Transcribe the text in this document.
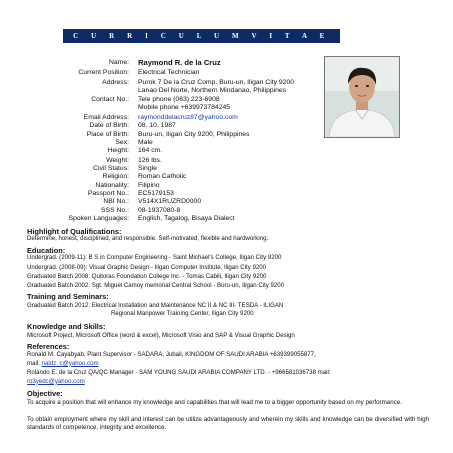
C U R R I C U L U M V I T A E
Name: Raymond R. de la Cruz
Current Position: Electrical Technician
Address: Purok 7 De la Cruz Comp. Buru-un, Iligan City 9200
Lanao Del Norte, Northern Mindanao, Philippines
Contact No.: Tele phone (063) 223-6908
Mobile phone +639973784245
Email Address: raymonddelacruz87@yahoo.com
Date of Birth: 08. 10. 1987
Place of Birth: Buru-un, Iligan City 9200, Philippines
Sex: Male
Height: 164 cm.
Weight: 126 lbs.
Civil Status: Single
Religion: Roman Catholic
Nationality: Filipino
Passport No.: EC5179153
NBI No.: V514X1RUZRD0000
SSS No.: 08-1937080-8
Spoken Languages: English, Tagalog, Bisaya Dialect
Highlight of Qualifications:
Determine, honest, disciplined, and responsible. Self-motivated, flexible and hardworking.
Education:
Undergrad. (2009-11): B S in Computer Engineering - Saint Michael's College, Iligan City 9200
Undergrad. (2008-09): Visual Graphic Design - Iligan Computer Institute, Iligan City 9200
Graduated Batch 2008: Quitoras Foundation College Inc. - Tomas Cabili, Iligan City 9200
Graduated Batch 2002: Sgt. Miguel Camoy memorial Central School - Buru-un, Iligan City 9200
Training and Seminars:
Graduated Batch 2012: Electrical Installation and Maintenance NC II & NC III- TESDA - ILIGAN
Regional Manpower Training Center, Iligan City 9200
Knowledge and Skills:
Microsoft Project, Microsoft Office (word & excel), Microsoft Visio and SAP & Visual Graphic Design
References:
Ronald M. Cayabyab, Plant Supervisor - SADARA, Jubail, KINGDOM OF SAUDI ARABIA +639399055877,
mail: naldz_c@yahoo.com
Rolando E. de la Cruz QA/QC Manager - SAM YOUNG SAUDI ARABIA COMPANY LTD. - +966581036738 mail:
ro3yedc@yahoo.com
Objective:
To acquire a position that will enhance my knowledge and capabilities that will lead me to a bigger opportunity based on my performance.
To obtain employment where my skill and interest can be utilize advantageously and wherein my skills and knowledge can be diversified with high standards of competence, integrity and excellence.
